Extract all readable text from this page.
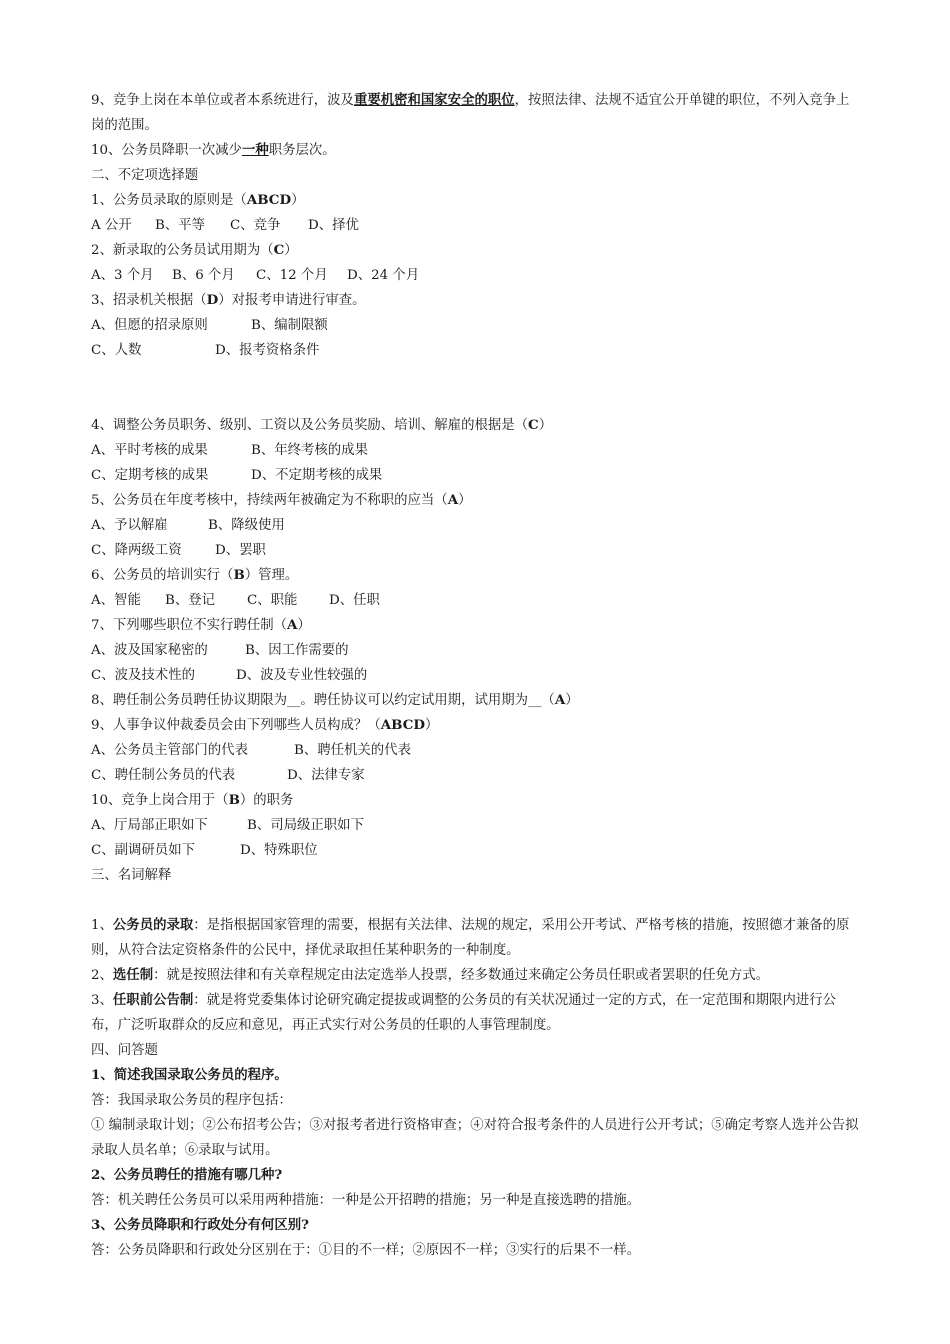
9、竞争上岗在本单位或者本系统进行，波及重要机密和国家安全的职位，按照法律、法规不适宜公开单键的职位，不列入竞争上岗的范围。
10、公务员降职一次减少一种职务层次。
二、不定项选择题
1、公务员录取的原则是（ABCD）
A 公开 B、平等 C、竞争 D、择优
2、新录取的公务员试用期为（C）
A、3 个月 B、6 个月 C、12 个月 D、24 个月
3、招录机关根据（D）对报考申请进行审查。
A、但愿的招录原则	B、编制限额
C、人数	D、报考资格条件
4、调整公务员职务、级别、工资以及公务员奖励、培训、解雇的根据是（C）
A、平时考核的成果	B、年终考核的成果
C、定期考核的成果	D、不定期考核的成果
5、公务员在年度考核中，持续两年被确定为不称职的应当（A）
A、予以解雇	B、降级使用
C、降两级工资 D、罢职
6、公务员的培训实行（B）管理。
A、智能 B、登记 C、职能 D、任职
7、下列哪些职位不实行聘任制（A）
A、波及国家秘密的	B、因工作需要的
C、波及技术性的	D、波及专业性较强的
8、聘任制公务员聘任协议期限为__。聘任协议可以约定试用期，试用期为__（A）
9、人事争议仲裁委员会由下列哪些人员构成？（ABCD）
A、公务员主管部门的代表	B、聘任机关的代表
C、聘任制公务员的代表	D、法律专家
10、竞争上岗合用于（B）的职务
A、厅局部正职如下	B、司局级正职如下
C、副调研员如下	D、特殊职位
三、名词解释
1、公务员的录取：是指根据国家管理的需要，根据有关法律、法规的规定，采用公开考试、严格考核的措施，按照德才兼备的原则，从符合法定资格条件的公民中，择优录取担任某种职务的一种制度。
2、选任制：就是按照法律和有关章程规定由法定选举人投票，经多数通过来确定公务员任职或者罢职的任免方式。
3、任职前公告制：就是将党委集体讨论研究确定提拔或调整的公务员的有关状况通过一定的方式，在一定范围和期限内进行公布，广泛听取群众的反应和意见，再正式实行对公务员的任职的人事管理制度。
四、问答题
1、简述我国录取公务员的程序。
答：我国录取公务员的程序包括：
① 编制录取计划；②公布招考公告；③对报考者进行资格审查；④对符合报考条件的人员进行公开考试；⑤确定考察人选并公告拟录取人员名单；⑥录取与试用。
2、公务员聘任的措施有哪几种?
答：机关聘任公务员可以采用两种措施：一种是公开招聘的措施；另一种是直接选聘的措施。
3、公务员降职和行政处分有何区别?
答：公务员降职和行政处分区别在于：①目的不一样；②原因不一样；③实行的后果不一样。
